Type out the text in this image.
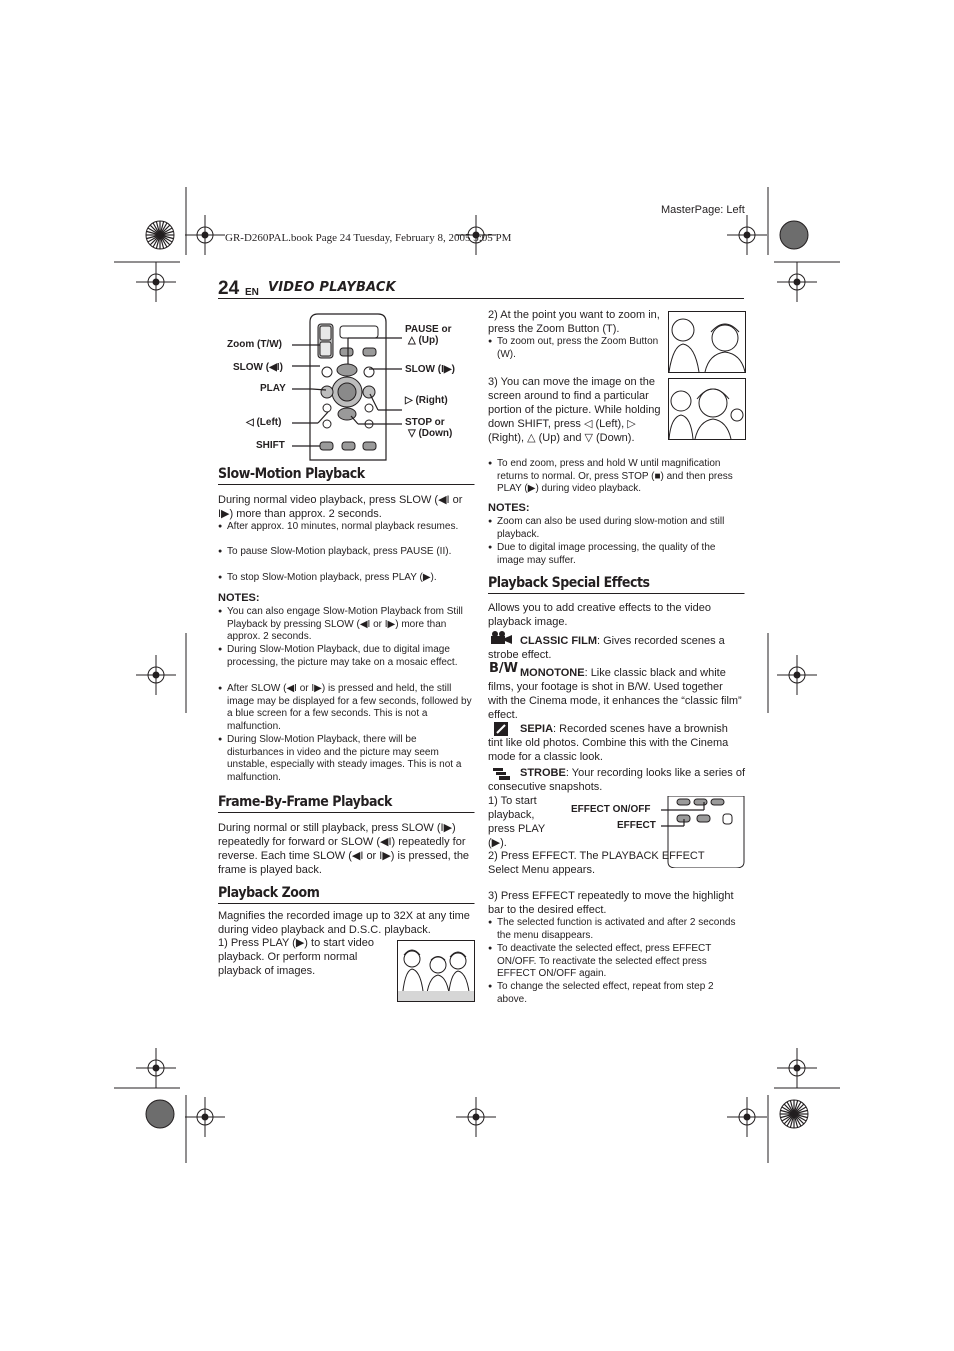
GR-D260PAL.book Page 24 Tuesday, February 8, 2005 3:05 PM
MasterPage: Left
24 EN VIDEO PLAYBACK
Zoom (T/W)
SLOW (◀I)
PLAY
◁ (Left)
SHIFT
PAUSE or
△ (Up)
SLOW (I▶)
▷ (Right)
STOP or
▽ (Down)
Slow-Motion Playback

During normal video playback, press SLOW (◀I or I▶) more than approx. 2 seconds.

● After approx. 10 minutes, normal playback resumes.
● To pause Slow-Motion playback, press PAUSE (II).
● To stop Slow-Motion playback, press PLAY (▶).
NOTES:
● You can also engage Slow-Motion Playback from Still Playback by pressing SLOW (◀I or I▶) more than approx. 2 seconds.
● During Slow-Motion Playback, due to digital image processing, the picture may take on a mosaic effect.
● After SLOW (◀I or I▶) is pressed and held, the still image may be displayed for a few seconds, followed by a blue screen for a few seconds. This is not a malfunction.
● During Slow-Motion Playback, there will be disturbances in video and the picture may seem unstable, especially with steady images. This is not a malfunction.
Frame-By-Frame Playback

During normal or still playback, press SLOW (I▶) repeatedly for forward or SLOW (◀I) repeatedly for reverse. Each time SLOW (◀I or I▶) is pressed, the frame is played back.

Playback Zoom

Magnifies the recorded image up to 32X at any time during video playback and D.S.C. playback.

1) Press PLAY (▶) to start video playback. Or perform normal playback of images.

2) At the point you want to zoom in, press the Zoom Button (T).

● To zoom out, press the Zoom Button (W).

3) You can move the image on the screen around to find a particular portion of the picture. While holding down SHIFT, press ◁ (Left), ▷ (Right), △ (Up) and ▽ (Down).

● To end zoom, press and hold W until magnification returns to normal. Or, press STOP (■) and then press PLAY (▶) during video playback.
NOTES:
● Zoom can also be used during slow-motion and still playback.
● Due to digital image processing, the quality of the image may suffer.
Playback Special Effects

Allows you to add creative effects to the video playback image.

CLASSIC FILM: Gives recorded scenes a strobe effect.

B/W MONOTONE: Like classic black and white films, your footage is shot in B/W. Used together with the Cinema mode, it enhances the “classic film” effect.

SEPIA: Recorded scenes have a brownish tint like old photos. Combine this with the Cinema mode for a classic look.

STROBE: Your recording looks like a series of consecutive snapshots.

EFFECT ON/OFF
EFFECT

1) To start playback, press PLAY (▶).

2) Press EFFECT. The PLAYBACK EFFECT Select Menu appears.

3) Press EFFECT repeatedly to move the highlight bar to the desired effect.

● The selected function is activated and after 2 seconds the menu disappears.
● To deactivate the selected effect, press EFFECT ON/OFF. To reactivate the selected effect press EFFECT ON/OFF again.
● To change the selected effect, repeat from step 2 above.
